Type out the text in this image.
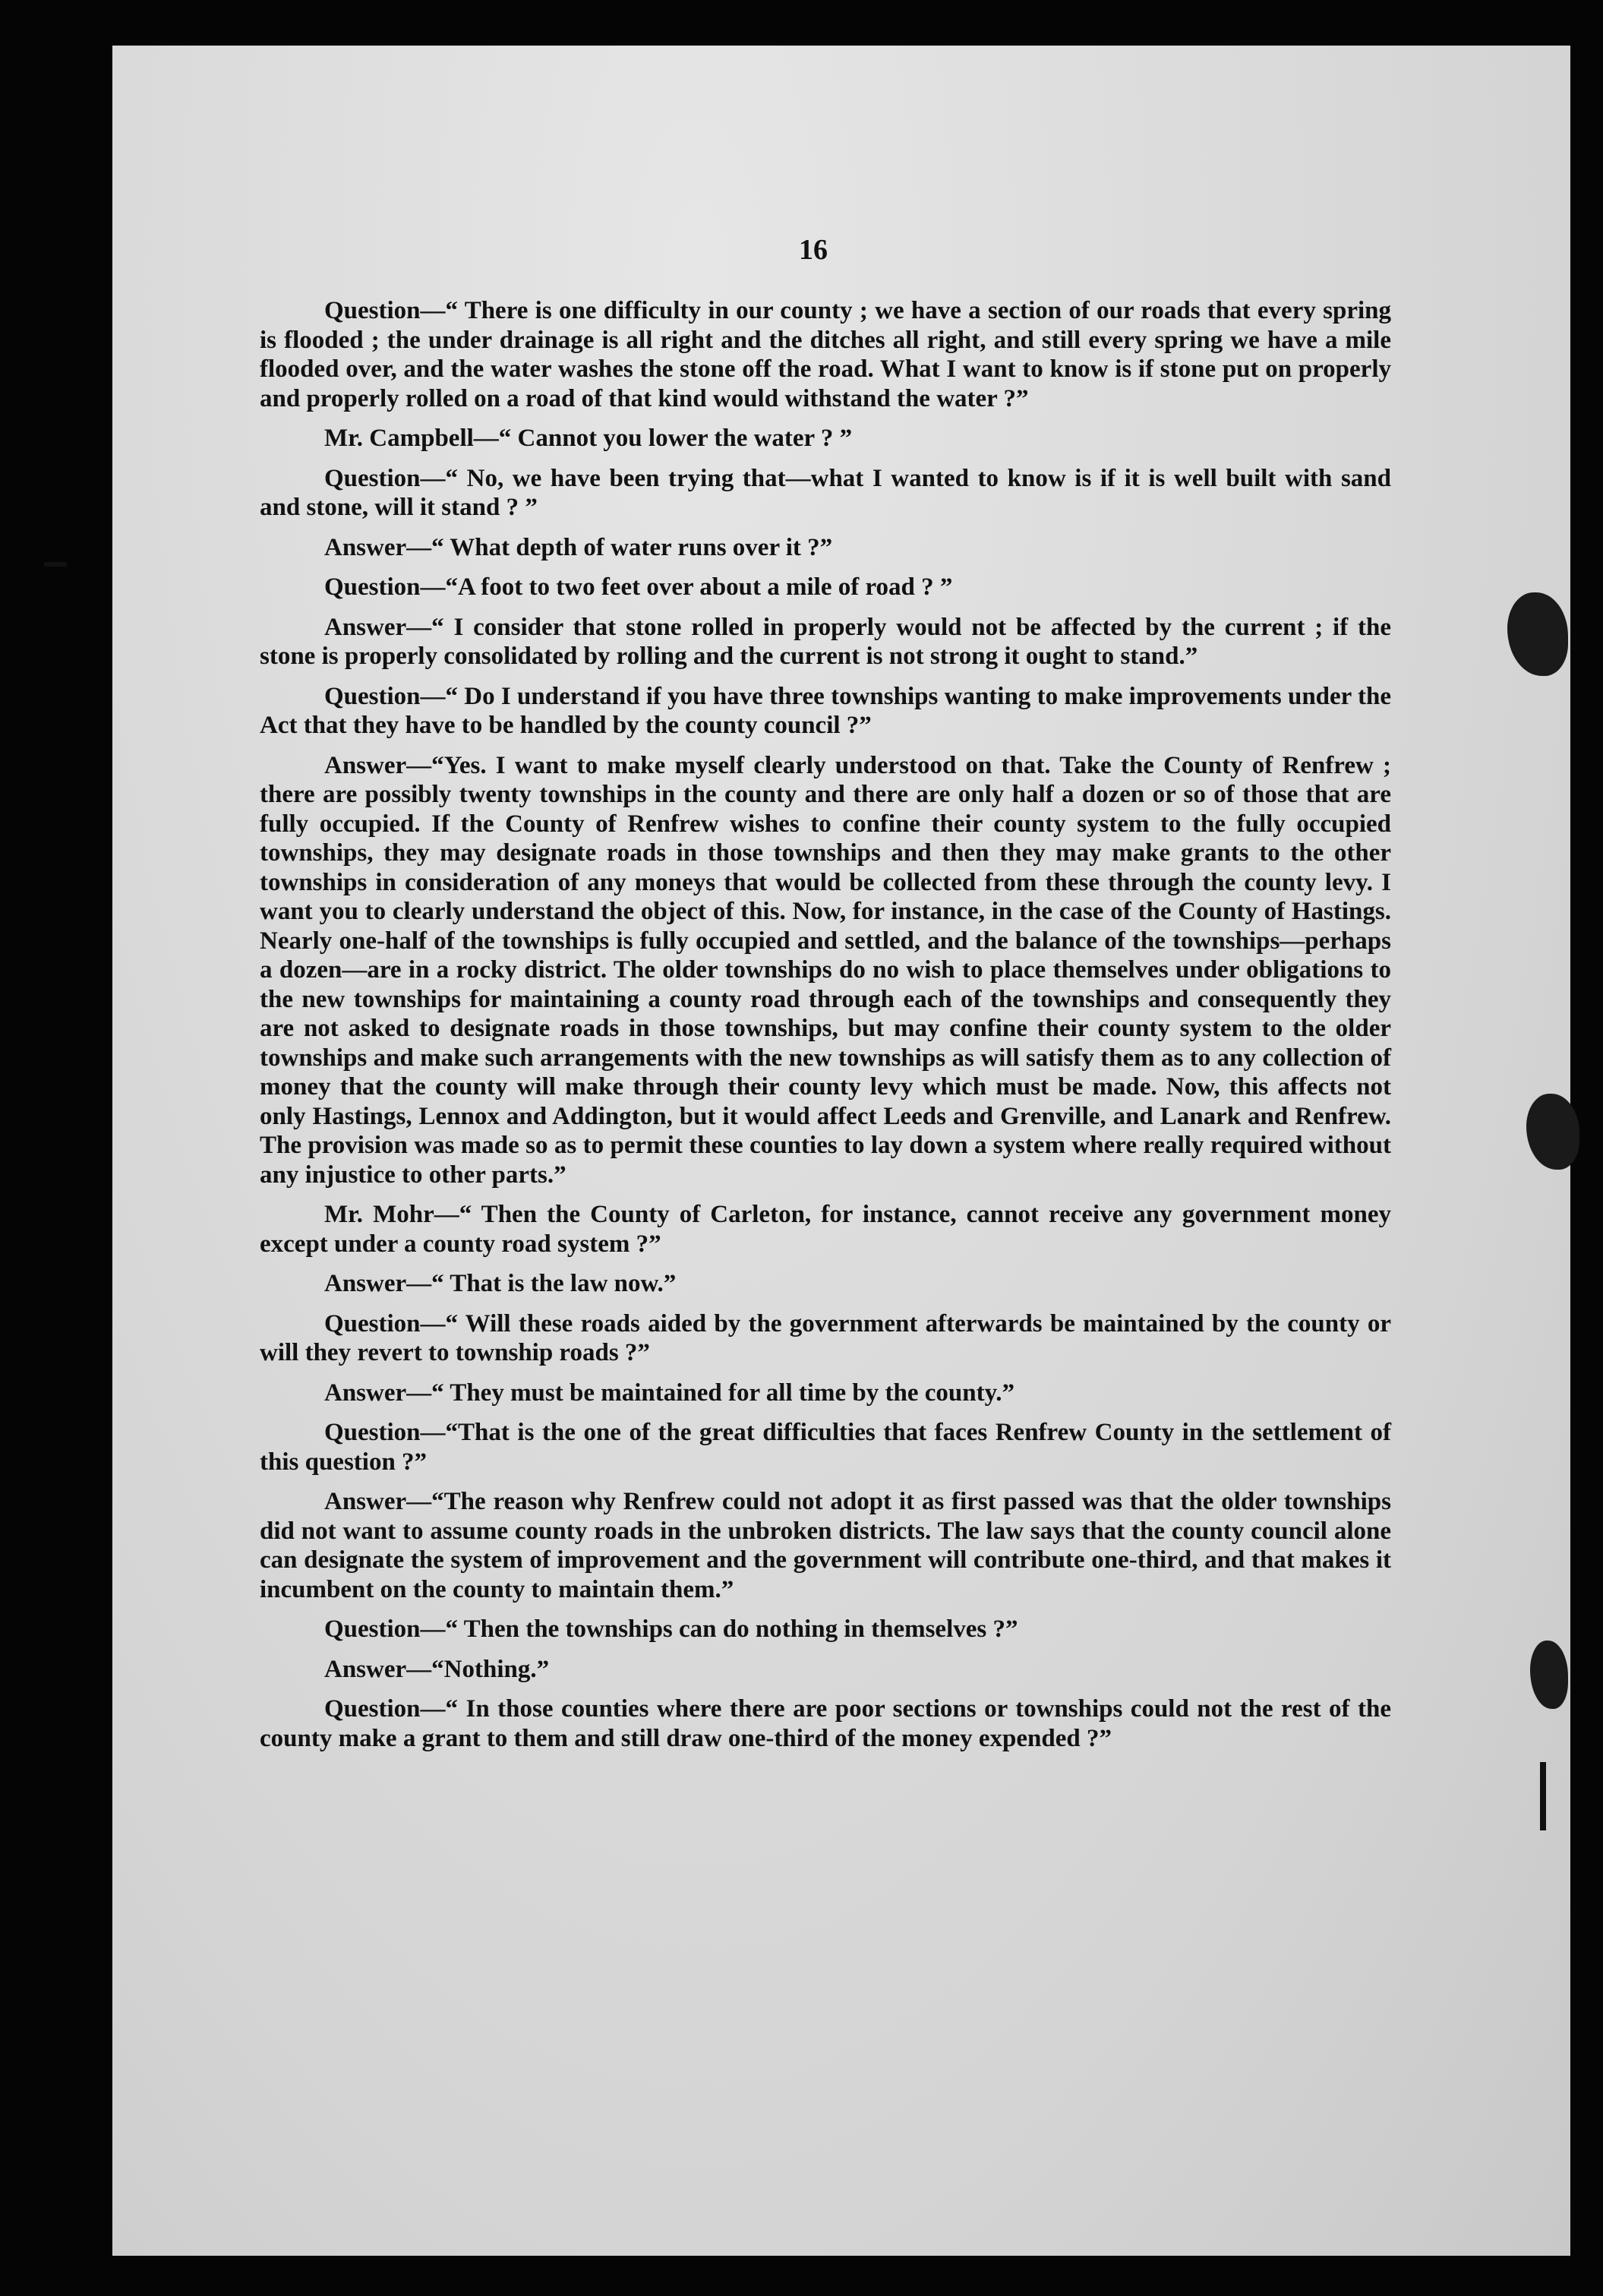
16

Question—“ There is one difficulty in our county ; we have a section of our roads that every spring is flooded ; the under drainage is all right and the ditches all right, and still every spring we have a mile flooded over, and the water washes the stone off the road. What I want to know is if stone put on properly and properly rolled on a road of that kind would withstand the water ?”

Mr. Campbell—“ Cannot you lower the water ? ”

Question—“ No, we have been trying that—what I wanted to know is if it is well built with sand and stone, will it stand ? ”

Answer—“ What depth of water runs over it ?”

Question—“A foot to two feet over about a mile of road ? ”

Answer—“ I consider that stone rolled in properly would not be affected by the current ; if the stone is properly consolidated by rolling and the current is not strong it ought to stand.”

Question—“ Do I understand if you have three townships wanting to make improvements under the Act that they have to be handled by the county council ?”

Answer—“Yes. I want to make myself clearly understood on that. Take the County of Renfrew ; there are possibly twenty townships in the county and there are only half a dozen or so of those that are fully occupied. If the County of Renfrew wishes to confine their county system to the fully occupied townships, they may designate roads in those townships and then they may make grants to the other townships in consideration of any moneys that would be collected from these through the county levy. I want you to clearly understand the object of this. Now, for instance, in the case of the County of Hastings. Nearly one-half of the townships is fully occupied and settled, and the balance of the townships—perhaps a dozen—are in a rocky district. The older townships do no wish to place themselves under obligations to the new townships for maintaining a county road through each of the townships and consequently they are not asked to designate roads in those townships, but may confine their county system to the older townships and make such arrangements with the new townships as will satisfy them as to any collection of money that the county will make through their county levy which must be made. Now, this affects not only Hastings, Lennox and Addington, but it would affect Leeds and Grenville, and Lanark and Renfrew. The provision was made so as to permit these counties to lay down a system where really required without any injustice to other parts.”

Mr. Mohr—“ Then the County of Carleton, for instance, cannot receive any government money except under a county road system ?”

Answer—“ That is the law now.”

Question—“ Will these roads aided by the government afterwards be maintained by the county or will they revert to township roads ?”

Answer—“ They must be maintained for all time by the county.”

Question—“That is the one of the great difficulties that faces Renfrew County in the settlement of this question ?”

Answer—“The reason why Renfrew could not adopt it as first passed was that the older townships did not want to assume county roads in the unbroken districts. The law says that the county council alone can designate the system of improvement and the government will contribute one-third, and that makes it incumbent on the county to maintain them.”

Question—“ Then the townships can do nothing in themselves ?”

Answer—“Nothing.”

Question—“ In those counties where there are poor sections or townships could not the rest of the county make a grant to them and still draw one-third of the money expended ?”
